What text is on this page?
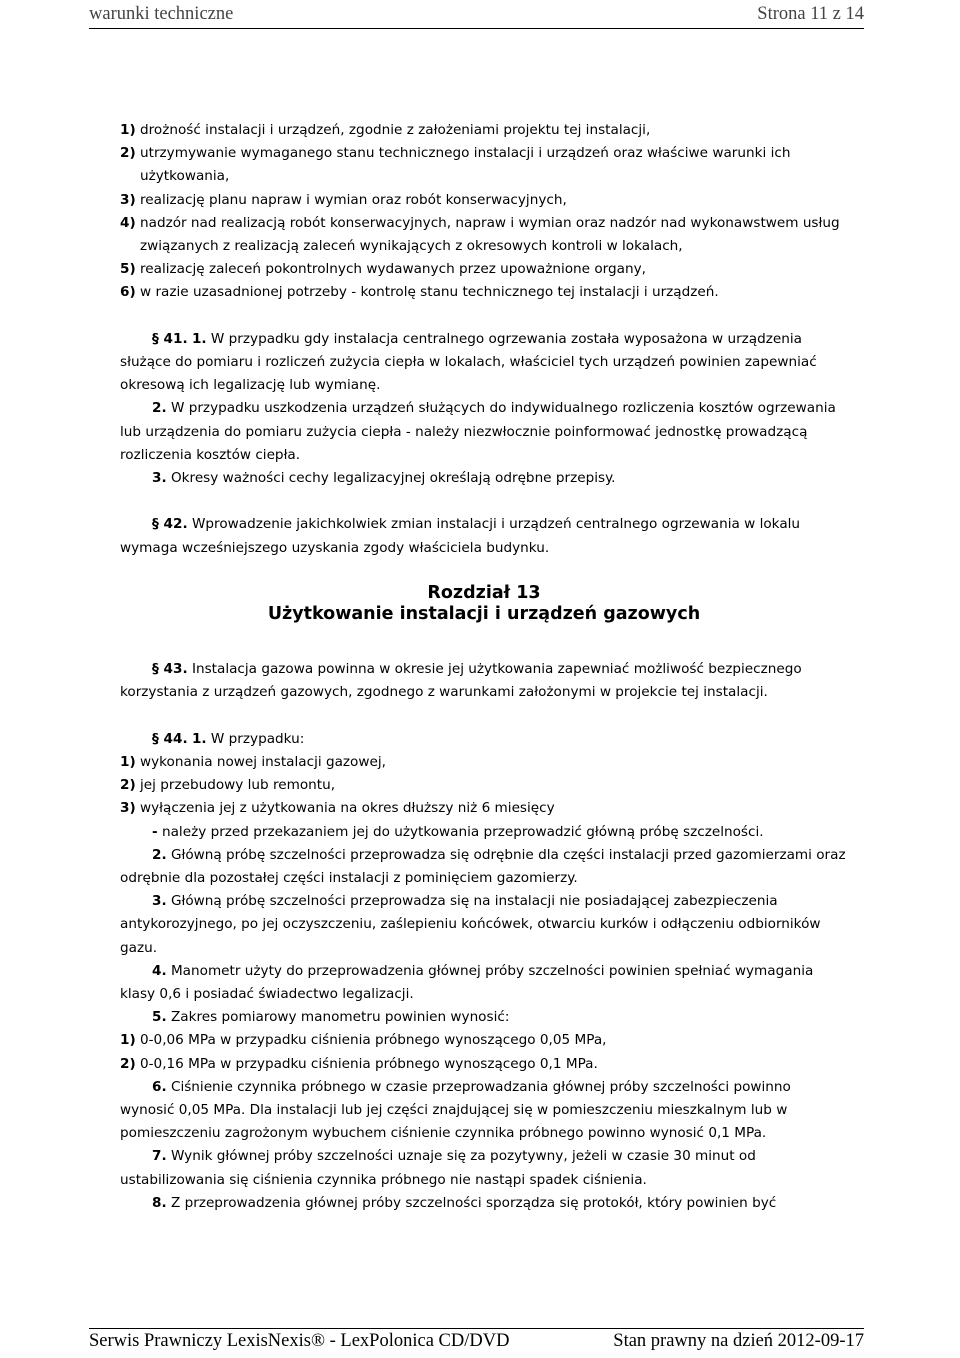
warunki techniczne	Strona 11 z 14

1) drożność instalacji i urządzeń, zgodnie z założeniami projektu tej instalacji,

2) utrzymywanie wymaganego stanu technicznego instalacji i urządzeń oraz właściwe warunki ich użytkowania,

3) realizację planu napraw i wymian oraz robót konserwacyjnych,

4) nadzór nad realizacją robót konserwacyjnych, napraw i wymian oraz nadzór nad wykonawstwem usług związanych z realizacją zaleceń wynikających z okresowych kontroli w lokalach,

5) realizację zaleceń pokontrolnych wydawanych przez upoważnione organy,

6) w razie uzasadnionej potrzeby - kontrolę stanu technicznego tej instalacji i urządzeń.

§ 41. 1. W przypadku gdy instalacja centralnego ogrzewania została wyposażona w urządzenia służące do pomiaru i rozliczeń zużycia ciepła w lokalach, właściciel tych urządzeń powinien zapewniać okresową ich legalizację lub wymianę.

2. W przypadku uszkodzenia urządzeń służących do indywidualnego rozliczenia kosztów ogrzewania lub urządzenia do pomiaru zużycia ciepła - należy niezwłocznie poinformować jednostkę prowadzącą rozliczenia kosztów ciepła.

3. Okresy ważności cechy legalizacyjnej określają odrębne przepisy.

§ 42. Wprowadzenie jakichkolwiek zmian instalacji i urządzeń centralnego ogrzewania w lokalu wymaga wcześniejszego uzyskania zgody właściciela budynku.

Rozdział 13
Użytkowanie instalacji i urządzeń gazowych

§ 43. Instalacja gazowa powinna w okresie jej użytkowania zapewniać możliwość bezpiecznego korzystania z urządzeń gazowych, zgodnego z warunkami założonymi w projekcie tej instalacji.

§ 44. 1. W przypadku:

1) wykonania nowej instalacji gazowej,

2) jej przebudowy lub remontu,

3) wyłączenia jej z użytkowania na okres dłuższy niż 6 miesięcy

- należy przed przekazaniem jej do użytkowania przeprowadzić główną próbę szczelności.

2. Główną próbę szczelności przeprowadza się odrębnie dla części instalacji przed gazomierzami oraz odrębnie dla pozostałej części instalacji z pominięciem gazomierzy.

3. Główną próbę szczelności przeprowadza się na instalacji nie posiadającej zabezpieczenia antykorozyjnego, po jej oczyszczeniu, zaślepieniu końcówek, otwarciu kurków i odłączeniu odbiorników gazu.

4. Manometr użyty do przeprowadzenia głównej próby szczelności powinien spełniać wymagania klasy 0,6 i posiadać świadectwo legalizacji.

5. Zakres pomiarowy manometru powinien wynosić:

1) 0-0,06 MPa w przypadku ciśnienia próbnego wynoszącego 0,05 MPa,

2) 0-0,16 MPa w przypadku ciśnienia próbnego wynoszącego 0,1 MPa.

6. Ciśnienie czynnika próbnego w czasie przeprowadzania głównej próby szczelności powinno wynosić 0,05 MPa. Dla instalacji lub jej części znajdującej się w pomieszczeniu mieszkalnym lub w pomieszczeniu zagrożonym wybuchem ciśnienie czynnika próbnego powinno wynosić 0,1 MPa.

7. Wynik głównej próby szczelności uznaje się za pozytywny, jeżeli w czasie 30 minut od ustabilizowania się ciśnienia czynnika próbnego nie nastąpi spadek ciśnienia.

8. Z przeprowadzenia głównej próby szczelności sporządza się protokół, który powinien być

Serwis Prawniczy LexisNexis® - LexPolonica CD/DVD	Stan prawny na dzień 2012-09-17
